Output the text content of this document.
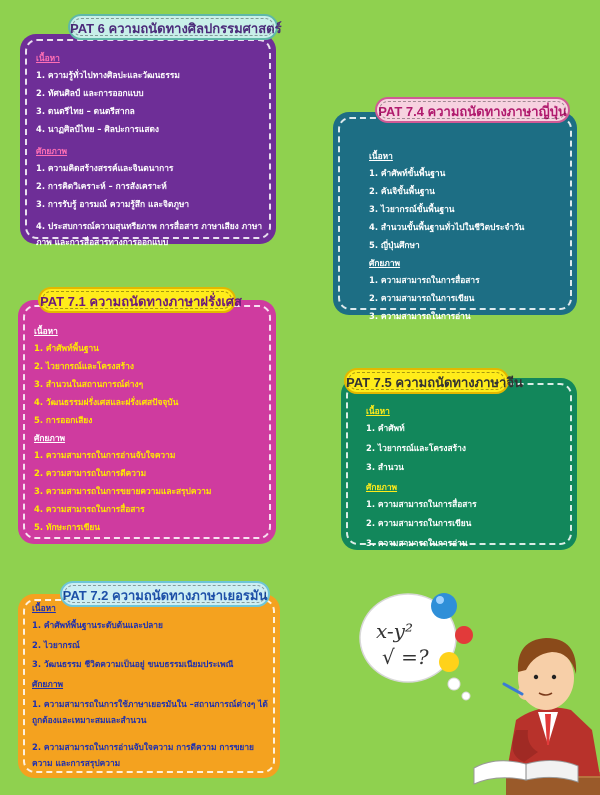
เนื้อหา
1. ความรู้ทั่วไปทางศิลปะและวัฒนธรรม
2. ทัศนศิลป์ และการออกแบบ
3. ดนตรีไทย – ดนตรีสากล
4. นาฏศิลป์ไทย – ศิลปะการแสดง
ศักยภาพ
1. ความคิดสร้างสรรค์และจินตนาการ
2. การคิดวิเคราะห์ – การสังเคราะห์
3. การรับรู้ อารมณ์ ความรู้สึก และจิตภูษา
4. ประสบการณ์ความสุนทรียภาพ การสื่อสาร ภาษาเสียง ภาษาภาพ และการสื่อสารทางการออกแบบ
PAT 6 ความถนัดทางศิลปกรรมศาสตร์
เนื้อหา
1. คำศัพท์ขั้นพื้นฐาน
2. คันจิขั้นพื้นฐาน
3. ไวยากรณ์ขั้นพื้นฐาน
4. สำนวนขั้นพื้นฐานทั่วไปในชีวิตประจำวัน
5. ญี่ปุ่นศึกษา
ศักยภาพ
1. ความสามารถในการสื่อสาร
2. ความสามารถในการเขียน
3. ความสามารถในการอ่าน
PAT 7.4 ความถนัดทางภาษาญี่ปุ่น
เนื้อหา
1. คำศัพท์พื้นฐาน
2. ไวยากรณ์และโครงสร้าง
3. สำนวนในสถานการณ์ต่างๆ
4. วัฒนธรรมฝรั่งเศสและฝรั่งเศสปัจจุบัน
5. การออกเสียง
ศักยภาพ
1. ความสามารถในการอ่านจับใจความ
2. ความสามารถในการตีความ
3. ความสามารถในการขยายความและสรุปความ
4. ความสามารถในการสื่อสาร
5. ทักษะการเขียน
PAT 7.1 ความถนัดทางภาษาฝรั่งเศส
เนื้อหา
1. คำศัพท์
2. ไวยากรณ์และโครงสร้าง
3. สำนวน
ศักยภาพ
1. ความสามารถในการสื่อสาร
2. ความสามารถในการเขียน
3. ความสามารถในการอ่าน
PAT 7.5 ความถนัดทางภาษาจีน
เนื้อหา
1. คำศัพท์พื้นฐานระดับต้นและปลาย
2. ไวยากรณ์
3. วัฒนธรรม ชีวิตความเป็นอยู่ ขนบธรรมเนียมประเพณี
ศักยภาพ
1. ความสามารถในการใช้ภาษาเยอรมันใน –สถานการณ์ต่างๆ ได้ถูกต้องและเหมาะสมและสำนวน
2. ความสามารถในการอ่านจับใจความ การตีความ การขยายความ และการสรุปความ
PAT 7.2 ความถนัดทางภาษาเยอรมัน
x-y²
√ =?
